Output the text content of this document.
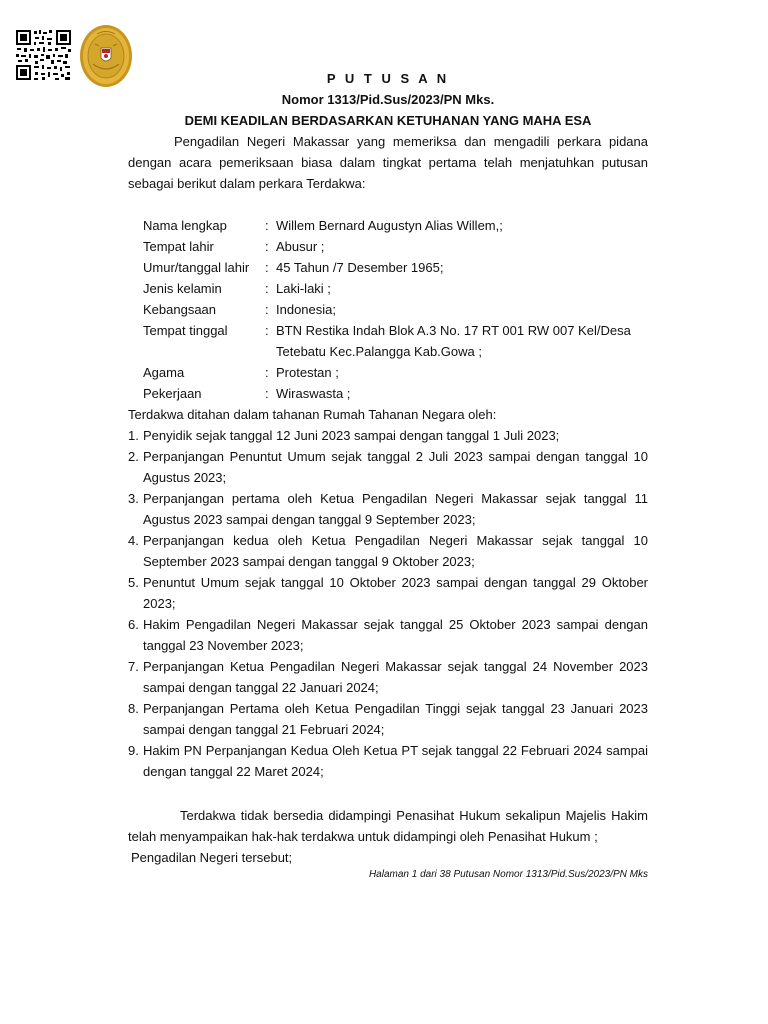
P U T U S A N
Nomor 1313/Pid.Sus/2023/PN Mks.
DEMI KEADILAN BERDASARKAN KETUHANAN YANG MAHA ESA
Pengadilan Negeri Makassar yang memeriksa dan mengadili perkara pidana dengan acara pemeriksaan biasa dalam tingkat pertama telah menjatuhkan putusan sebagai berikut dalam perkara Terdakwa:
Nama lengkap	: Willem Bernard Augustyn Alias Willem,;
Tempat lahir	: Abusur ;
Umur/tanggal lahir	: 45 Tahun /7 Desember 1965;
Jenis kelamin	: Laki-laki ;
Kebangsaan	: Indonesia;
Tempat tinggal	: BTN Restika Indah Blok A.3 No. 17 RT 001 RW 007 Kel/Desa Tetebatu Kec.Palangga Kab.Gowa ;
Agama	: Protestan ;
Pekerjaan	: Wiraswasta ;
Terdakwa ditahan dalam tahanan Rumah Tahanan Negara oleh:
1. Penyidik sejak tanggal 12 Juni 2023 sampai dengan tanggal 1 Juli 2023;
2. Perpanjangan Penuntut Umum sejak tanggal 2 Juli 2023 sampai dengan tanggal 10 Agustus 2023;
3. Perpanjangan pertama oleh Ketua Pengadilan Negeri Makassar sejak tanggal 11 Agustus 2023 sampai dengan tanggal 9 September 2023;
4. Perpanjangan kedua oleh Ketua Pengadilan Negeri Makassar sejak tanggal 10 September 2023 sampai dengan tanggal 9 Oktober 2023;
5. Penuntut Umum sejak tanggal 10 Oktober 2023 sampai dengan tanggal 29 Oktober 2023;
6. Hakim Pengadilan Negeri Makassar sejak tanggal 25 Oktober 2023 sampai dengan tanggal 23 November 2023;
7. Perpanjangan Ketua Pengadilan Negeri Makassar sejak tanggal 24 November 2023 sampai dengan tanggal 22 Januari 2024;
8. Perpanjangan Pertama oleh Ketua Pengadilan Tinggi sejak tanggal 23 Januari 2023 sampai dengan tanggal 21 Februari 2024;
9. Hakim PN Perpanjangan Kedua Oleh Ketua PT sejak tanggal 22 Februari 2024 sampai dengan tanggal 22 Maret 2024;
Terdakwa tidak bersedia didampingi Penasihat Hukum sekalipun Majelis Hakim telah menyampaikan hak-hak terdakwa untuk didampingi oleh Penasihat Hukum ;
Pengadilan Negeri tersebut;
Halaman 1 dari 38 Putusan Nomor 1313/Pid.Sus/2023/PN Mks
